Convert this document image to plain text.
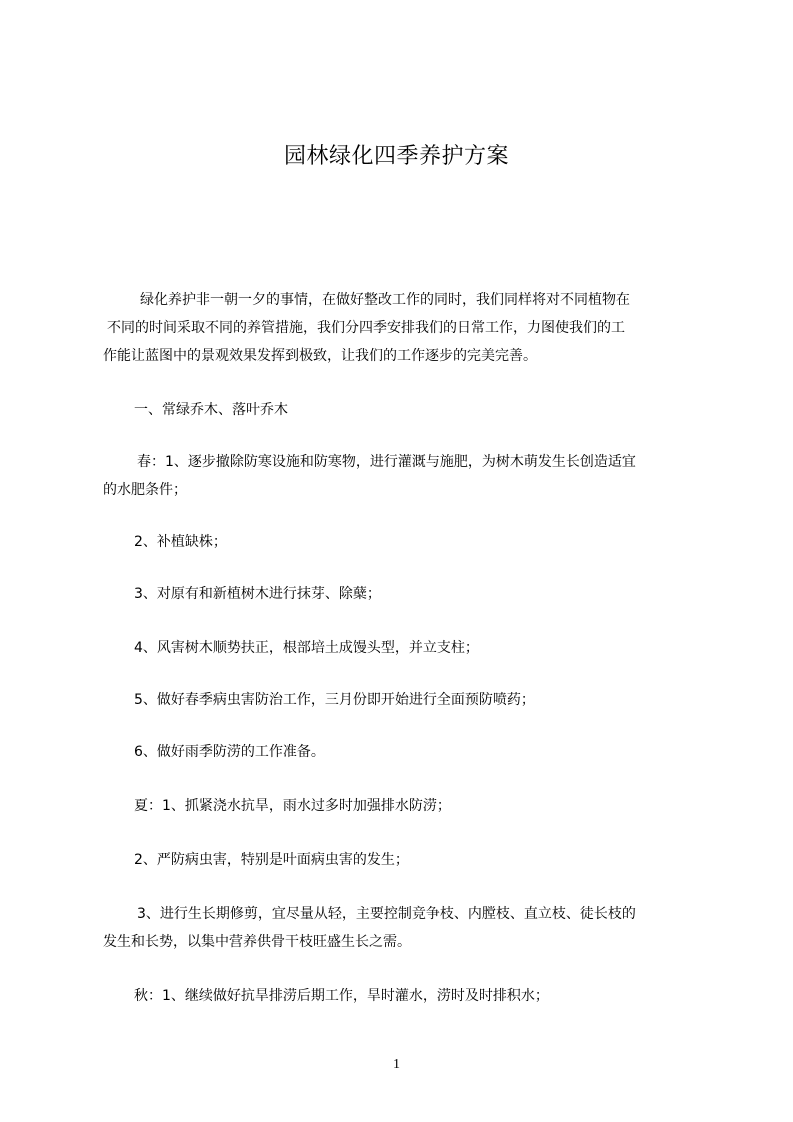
园林绿化四季养护方案
绿化养护非一朝一夕的事情，在做好整改工作的同时，我们同样将对不同植物在
不同的时间采取不同的养管措施，我们分四季安排我们的日常工作，力图使我们的工
作能让蓝图中的景观效果发挥到极致，让我们的工作逐步的完美完善。
一、常绿乔木、落叶乔木
春：1、逐步撤除防寒设施和防寒物，进行灌溉与施肥，为树木萌发生长创造适宜
的水肥条件；
2、补植缺株；
3、对原有和新植树木进行抹芽、除蘖；
4、风害树木顺势扶正，根部培土成馒头型，并立支柱；
5、做好春季病虫害防治工作，三月份即开始进行全面预防喷药；
6、做好雨季防涝的工作准备。
夏：1、抓紧浇水抗旱，雨水过多时加强排水防涝；
2、严防病虫害，特别是叶面病虫害的发生；
3、进行生长期修剪，宜尽量从轻，主要控制竞争枝、内膛枝、直立枝、徒长枝的
发生和长势，以集中营养供骨干枝旺盛生长之需。
秋：1、继续做好抗旱排涝后期工作，旱时灌水，涝时及时排积水；
1
